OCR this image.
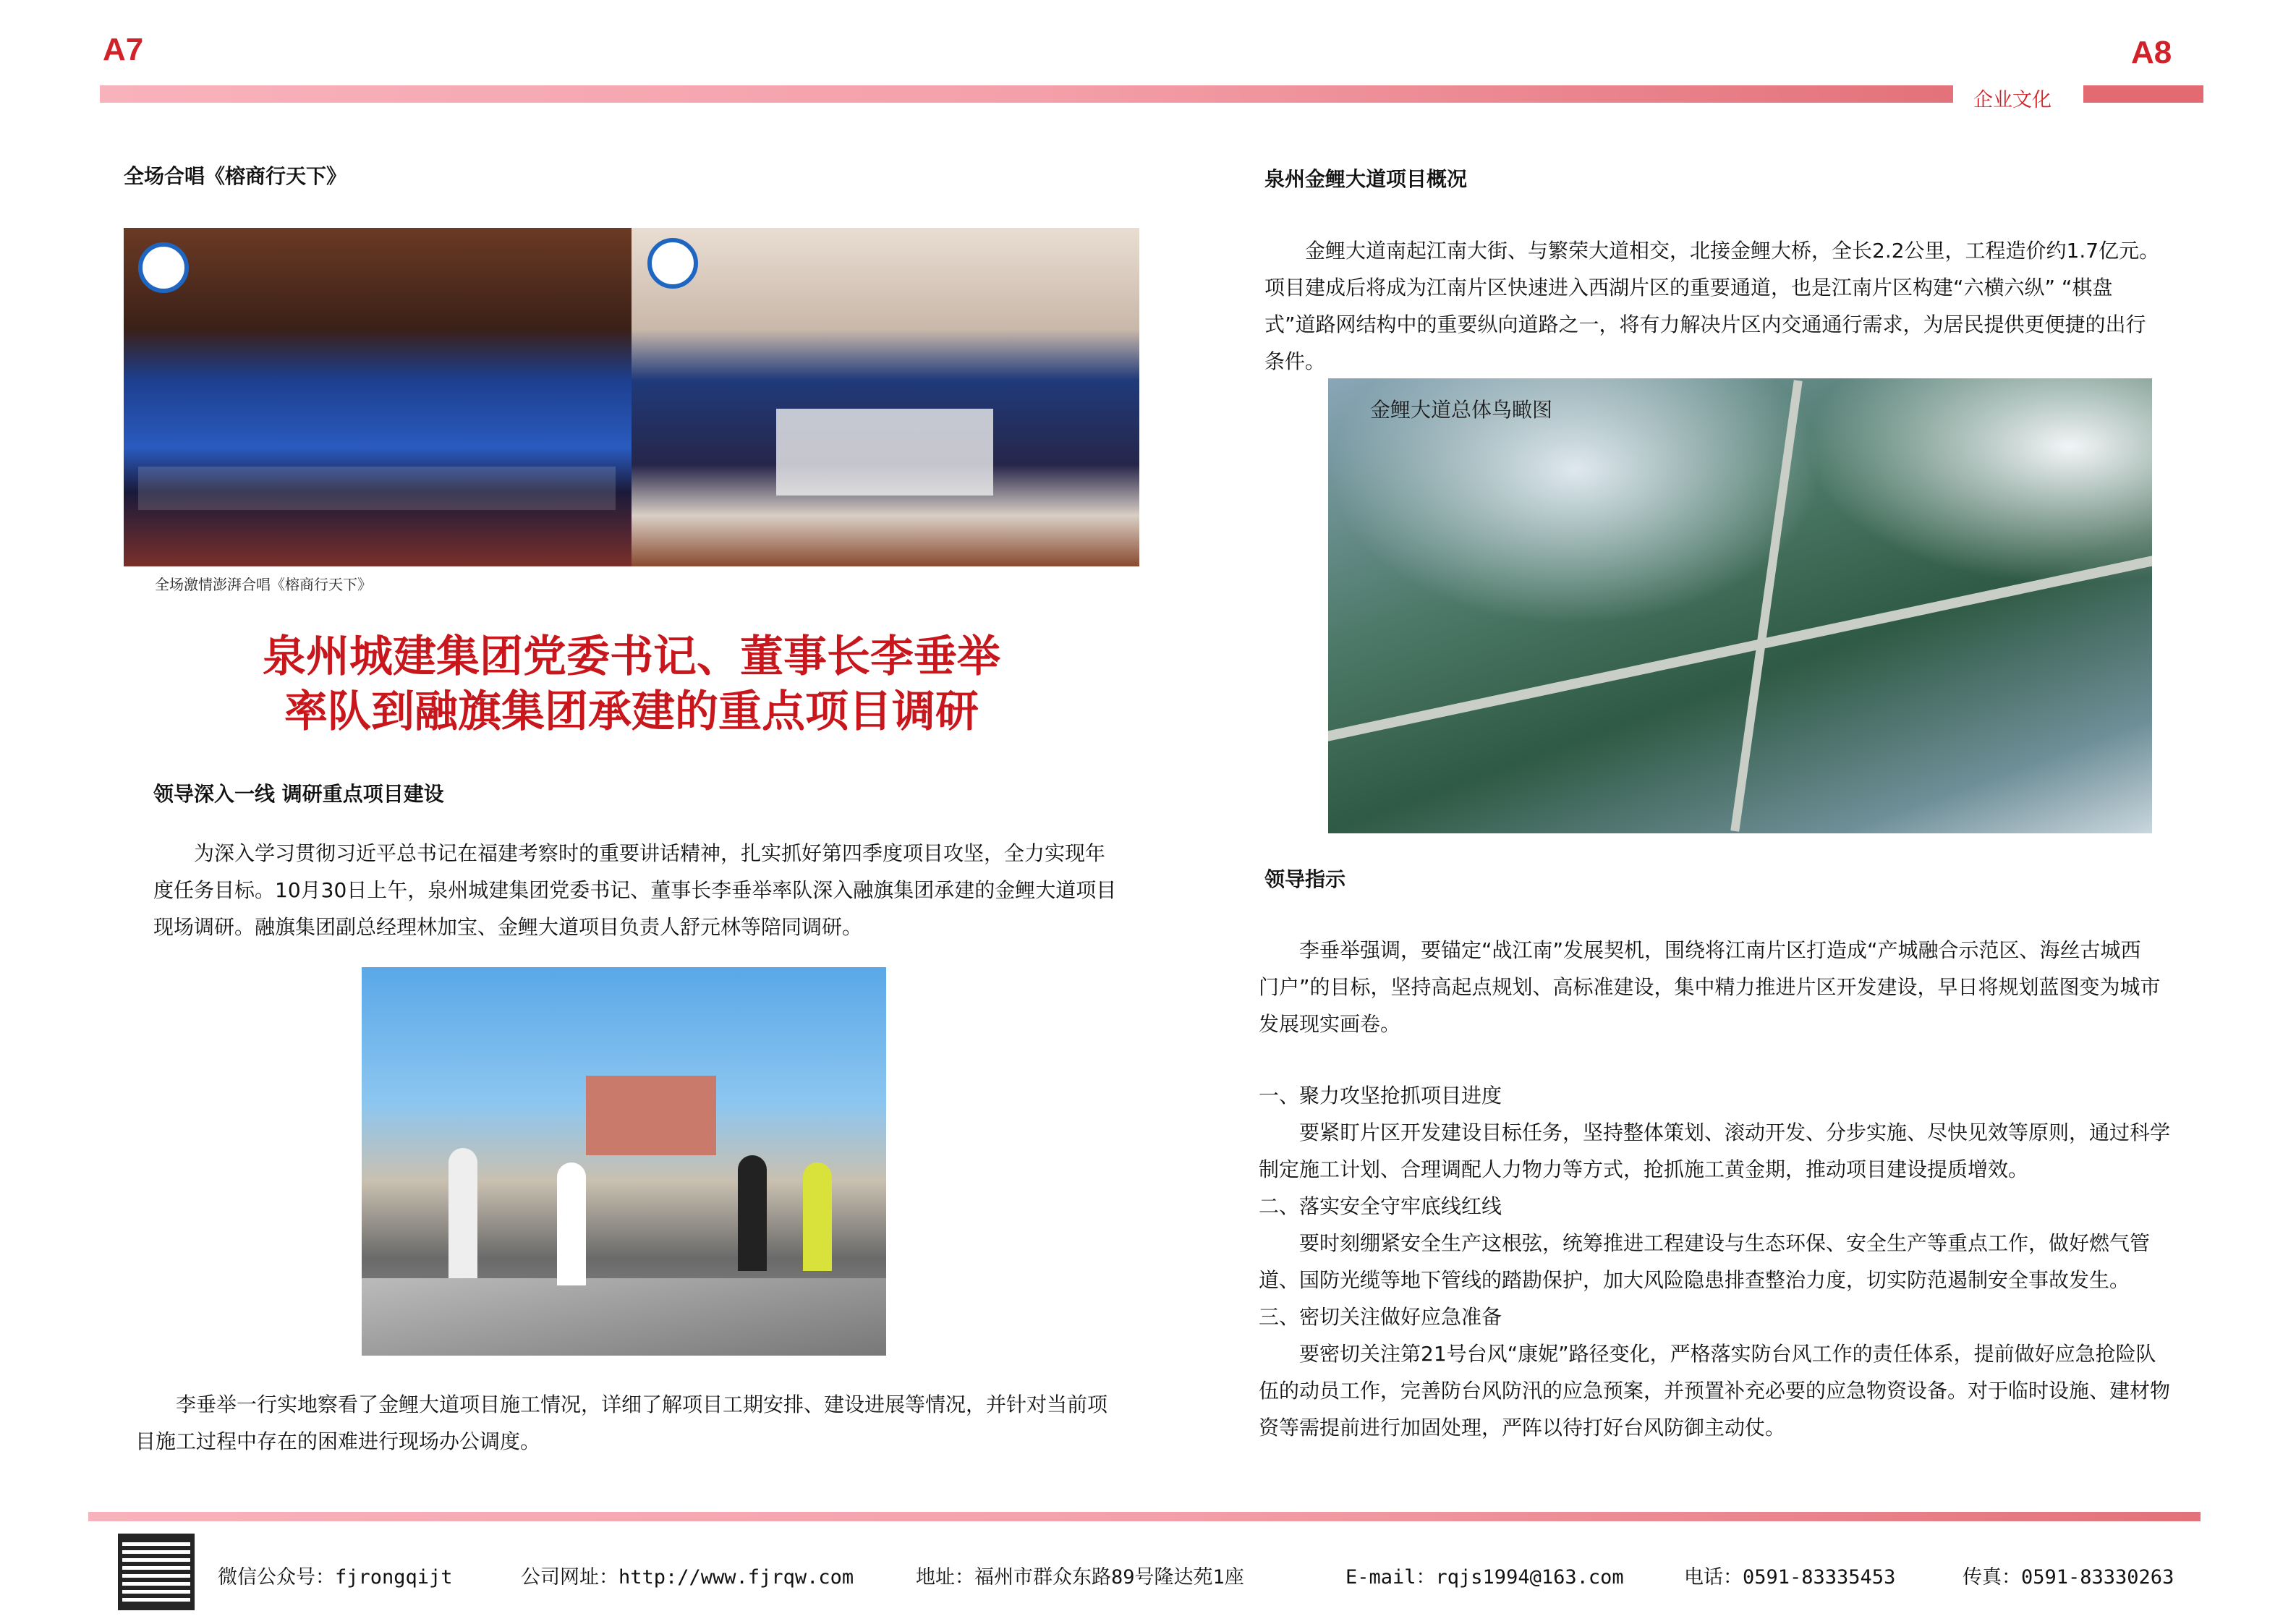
A7	A8
企业文化
全场合唱《榕商行天下》
全场激情澎湃合唱《榕商行天下》
泉州城建集团党委书记、董事长李垂举
率队到融旗集团承建的重点项目调研
领导深入一线 调研重点项目建设
为深入学习贯彻习近平总书记在福建考察时的重要讲话精神，扎实抓好第四季度项目攻坚，全力实现年
度任务目标。10月30日上午，泉州城建集团党委书记、董事长李垂举率队深入融旗集团承建的金鲤大道项目
现场调研。融旗集团副总经理林加宝、金鲤大道项目负责人舒元林等陪同调研。
李垂举一行实地察看了金鲤大道项目施工情况，详细了解项目工期安排、建设进展等情况，并针对当前项
目施工过程中存在的困难进行现场办公调度。
泉州金鲤大道项目概况
金鲤大道南起江南大街、与繁荣大道相交，北接金鲤大桥，全长2.2公里，工程造价约1.7亿元。
项目建成后将成为江南片区快速进入西湖片区的重要通道，也是江南片区构建“六横六纵” “棋盘
式”道路网结构中的重要纵向道路之一，将有力解决片区内交通通行需求，为居民提供更便捷的出行
条件。
金鲤大道总体鸟瞰图
领导指示
李垂举强调，要锚定“战江南”发展契机，围绕将江南片区打造成“产城融合示范区、海丝古城西
门户”的目标，坚持高起点规划、高标准建设，集中精力推进片区开发建设，早日将规划蓝图变为城市
发展现实画卷。
一、聚力攻坚抢抓项目进度
要紧盯片区开发建设目标任务，坚持整体策划、滚动开发、分步实施、尽快见效等原则，通过科学
制定施工计划、合理调配人力物力等方式，抢抓施工黄金期，推动项目建设提质增效。
二、落实安全守牢底线红线
要时刻绷紧安全生产这根弦，统筹推进工程建设与生态环保、安全生产等重点工作，做好燃气管
道、国防光缆等地下管线的踏勘保护，加大风险隐患排查整治力度，切实防范遏制安全事故发生。
三、密切关注做好应急准备
要密切关注第21号台风“康妮”路径变化，严格落实防台风工作的责任体系，提前做好应急抢险队
伍的动员工作，完善防台风防汛的应急预案，并预置补充必要的应急物资设备。对于临时设施、建材物
资等需提前进行加固处理，严阵以待打好台风防御主动仗。
微信公众号：fjrongqijt	公司网址：http://www.fjrqw.com	地址：福州市群众东路89号隆达苑1座	E-mail：rqjs1994@163.com	电话：0591-83335453	传真：0591-83330263
